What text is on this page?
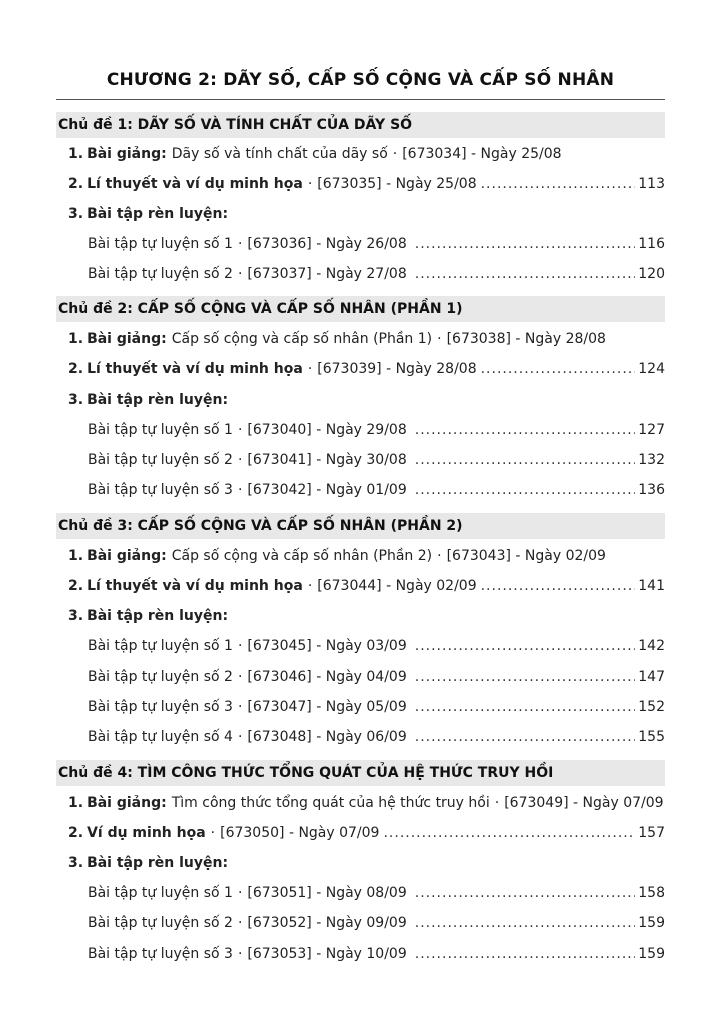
CHƯƠNG 2: DÃY SỐ, CẤP SỐ CỘNG VÀ CẤP SỐ NHÂN
Chủ đề 1: DÃY SỐ VÀ TÍNH CHẤT CỦA DÃY SỐ
1. Bài giảng: Dãy số và tính chất của dãy số · [673034] - Ngày 25/08
2. Lí thuyết và ví dụ minh họa · [673035] - Ngày 25/08 .....	113
3. Bài tập rèn luyện:
Bài tập tự luyện số 1 · [673036] - Ngày 26/08 .....	116
Bài tập tự luyện số 2 · [673037] - Ngày 27/08 .....	120
Chủ đề 2: CẤP SỐ CỘNG VÀ CẤP SỐ NHÂN (PHẦN 1)
1. Bài giảng: Cấp số cộng và cấp số nhân (Phần 1) · [673038] - Ngày 28/08
2. Lí thuyết và ví dụ minh họa · [673039] - Ngày 28/08 .....	124
3. Bài tập rèn luyện:
Bài tập tự luyện số 1 · [673040] - Ngày 29/08 .....	127
Bài tập tự luyện số 2 · [673041] - Ngày 30/08 .....	132
Bài tập tự luyện số 3 · [673042] - Ngày 01/09 .....	136
Chủ đề 3: CẤP SỐ CỘNG VÀ CẤP SỐ NHÂN (PHẦN 2)
1. Bài giảng: Cấp số cộng và cấp số nhân (Phần 2) · [673043] - Ngày 02/09
2. Lí thuyết và ví dụ minh họa · [673044] - Ngày 02/09 .....	141
3. Bài tập rèn luyện:
Bài tập tự luyện số 1 · [673045] - Ngày 03/09 .....	142
Bài tập tự luyện số 2 · [673046] - Ngày 04/09 .....	147
Bài tập tự luyện số 3 · [673047] - Ngày 05/09 .....	152
Bài tập tự luyện số 4 · [673048] - Ngày 06/09 .....	155
Chủ đề 4: TÌM CÔNG THỨC TỔNG QUÁT CỦA HỆ THỨC TRUY HỒI
1. Bài giảng: Tìm công thức tổng quát của hệ thức truy hồi · [673049] - Ngày 07/09
2. Ví dụ minh họa · [673050] - Ngày 07/09 .....	157
3. Bài tập rèn luyện:
Bài tập tự luyện số 1 · [673051] - Ngày 08/09 .....	158
Bài tập tự luyện số 2 · [673052] - Ngày 09/09 .....	159
Bài tập tự luyện số 3 · [673053] - Ngày 10/09 .....	159
